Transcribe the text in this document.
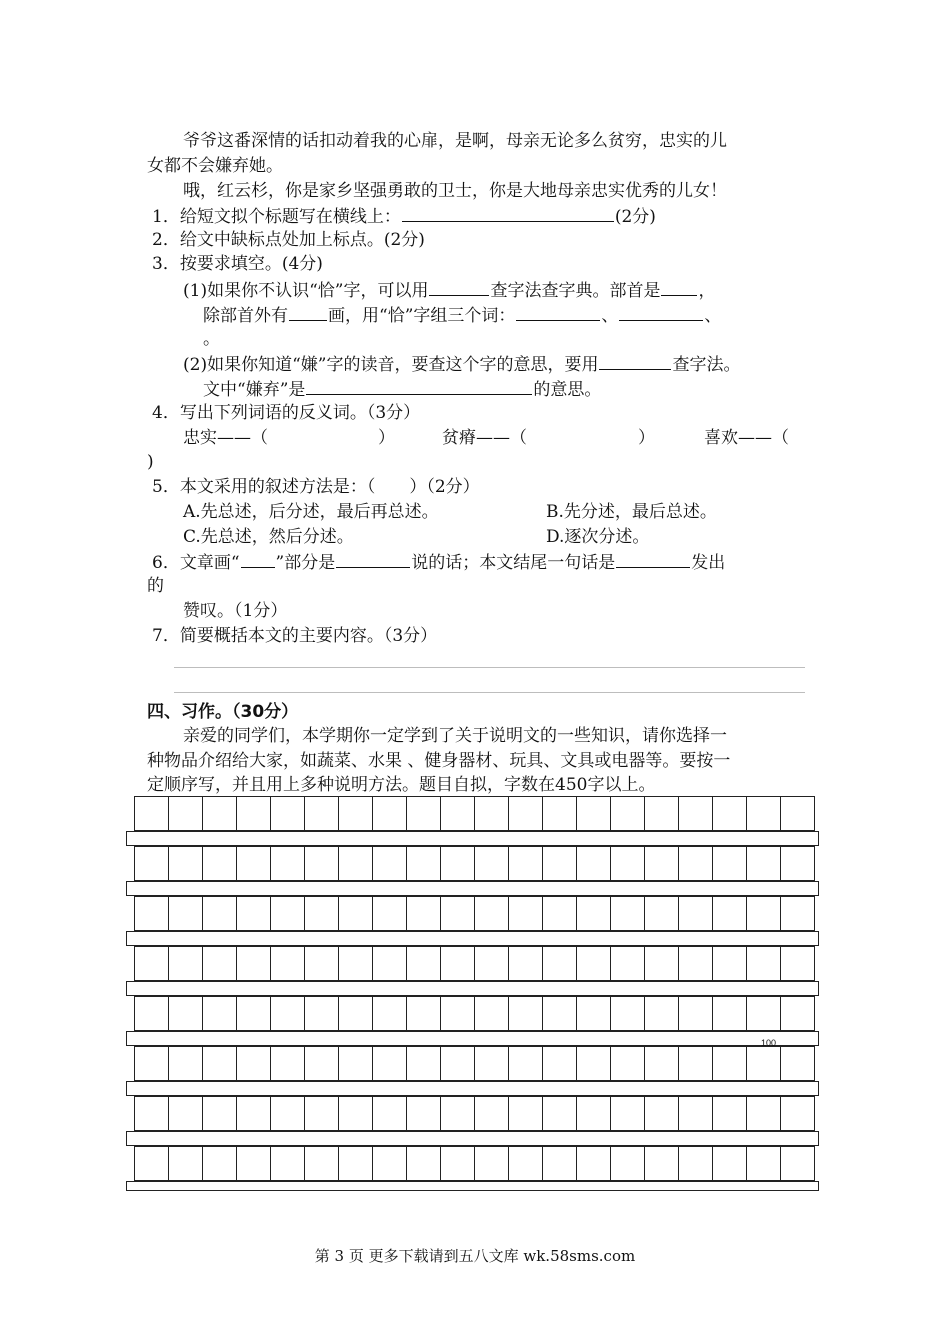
爷爷这番深情的话扣动着我的心扉，是啊，母亲无论多么贫穷，忠实的儿
女都不会嫌弃她。
哦，红云杉，你是家乡坚强勇敢的卫士，你是大地母亲忠实优秀的儿女！
1．给短文拟个标题写在横线上：	(2分)
2．给文中缺标点处加上标点。(2分)
3．按要求填空。(4分)
(1)如果你不认识“恰”字，可以用	查字法查字典。部首是 ，
除部首外有 画，用“恰”字组三个词：	、	、
。
(2)如果你知道“嫌”字的读音，要查这个字的意思，要用	查字法。
文中“嫌弃”是	的意思。
4．写出下列词语的反义词。（3分）
忠实——（	）	贫瘠——（	）	喜欢——（
)
5．本文采用的叙述方法是：（　　）（2分）
A.先总述，后分述，最后再总述。	B.先分述，最后总述。
C.先总述，然后分述。	D.逐次分述。
6．文章画“ ”部分是	说的话；本文结尾一句话是	发出
的
赞叹。（1分）
7．简要概括本文的主要内容。（3分）
四、习作。（30分）
亲爱的同学们，本学期你一定学到了关于说明文的一些知识，请你选择一
种物品介绍给大家，如蔬菜、水果 、健身器材、玩具、文具或电器等。要按一
定顺序写，并且用上多种说明方法。题目自拟，字数在450字以上。
100
第 3 页 更多下载请到五八文库 wk.58sms.com
